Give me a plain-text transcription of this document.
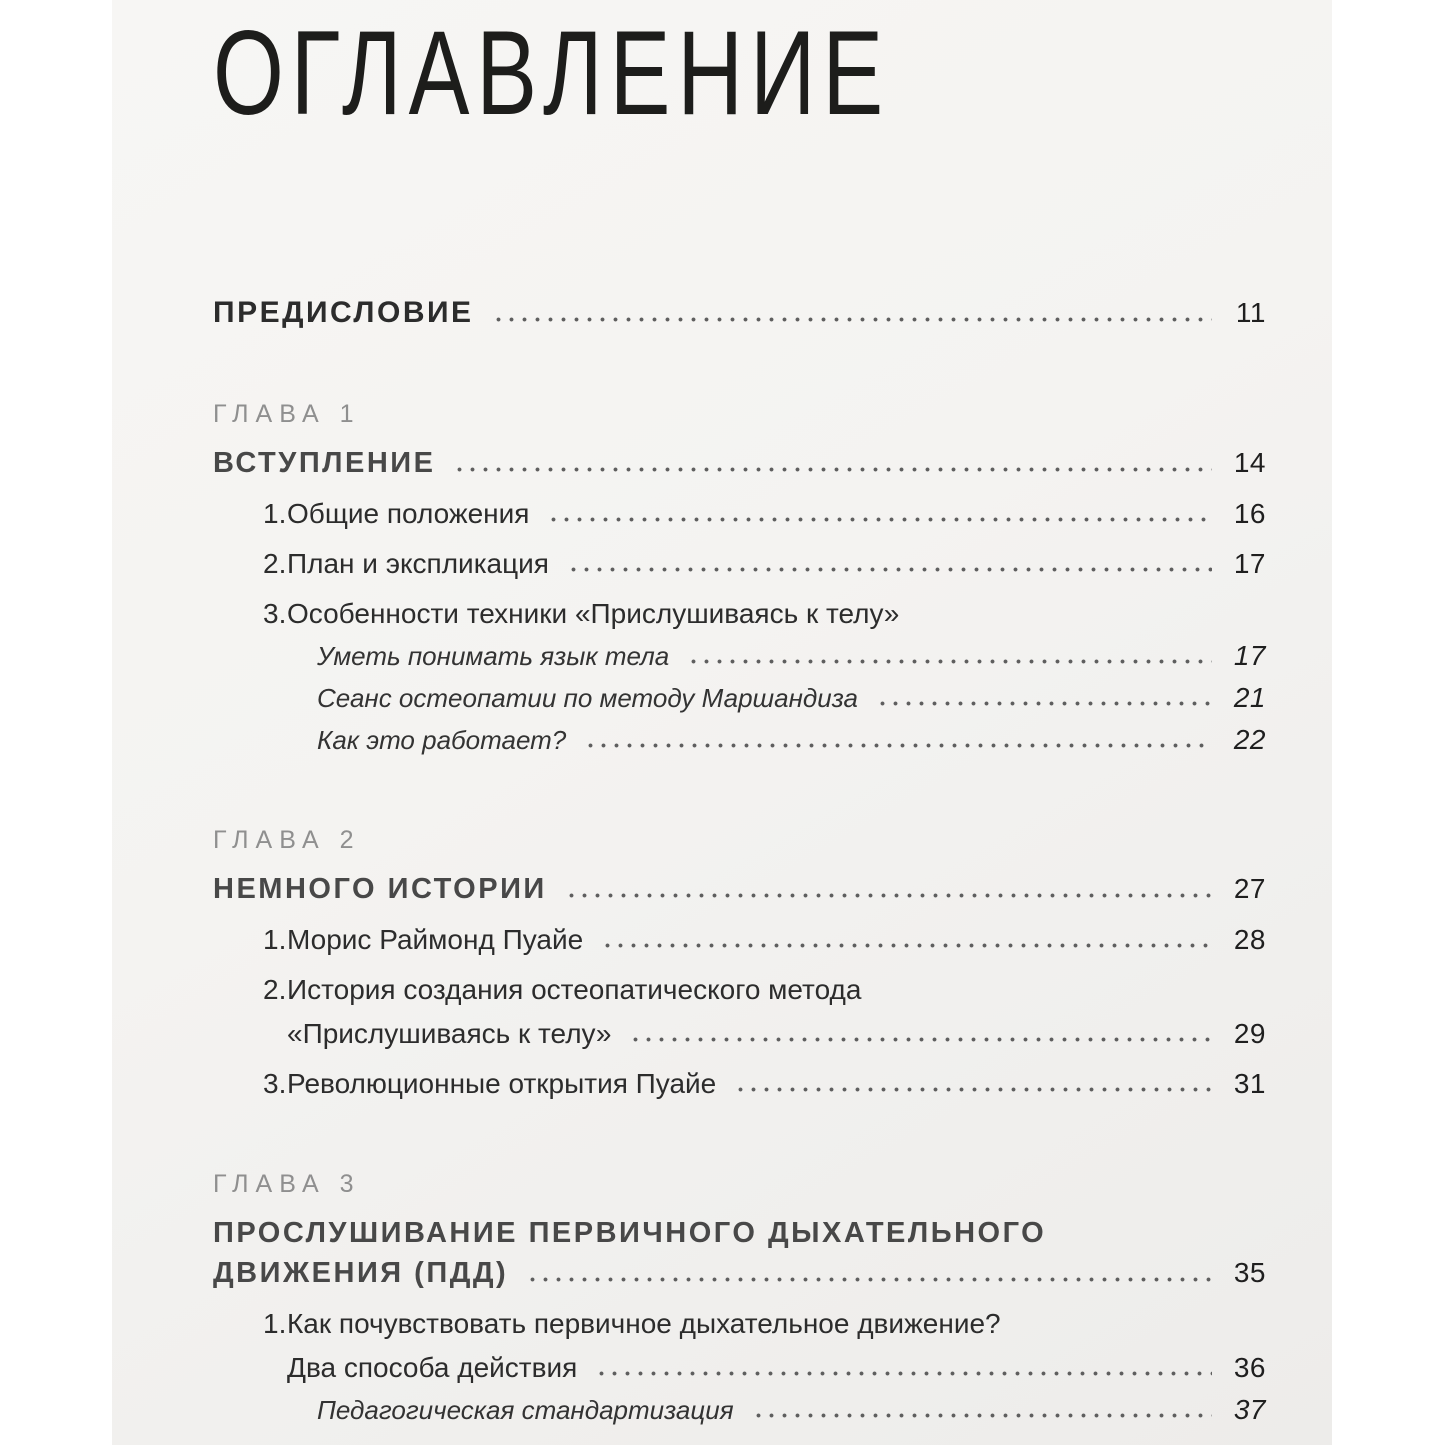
ОГЛАВЛЕНИЕ
ПРЕДИСЛОВИЕ	11
ГЛАВА 1
ВСТУПЛЕНИЕ	14
1. Общие положения	16
2. План и экспликация	17
3. Особенности техники «Прислушиваясь к телу»
Уметь понимать язык тела	17
Сеанс остеопатии по методу Маршандиза	21
Как это работает?	22
ГЛАВА 2
НЕМНОГО ИСТОРИИ	27
1. Морис Раймонд Пуайе	28
2. История создания остеопатического метода
«Прислушиваясь к телу»	29
3. Революционные открытия Пуайе	31
ГЛАВА 3
ПРОСЛУШИВАНИЕ ПЕРВИЧНОГО ДЫХАТЕЛЬНОГО
ДВИЖЕНИЯ (ПДД)	35
1. Как почувствовать первичное дыхательное движение?
Два способа действия	36
Педагогическая стандартизация	37
